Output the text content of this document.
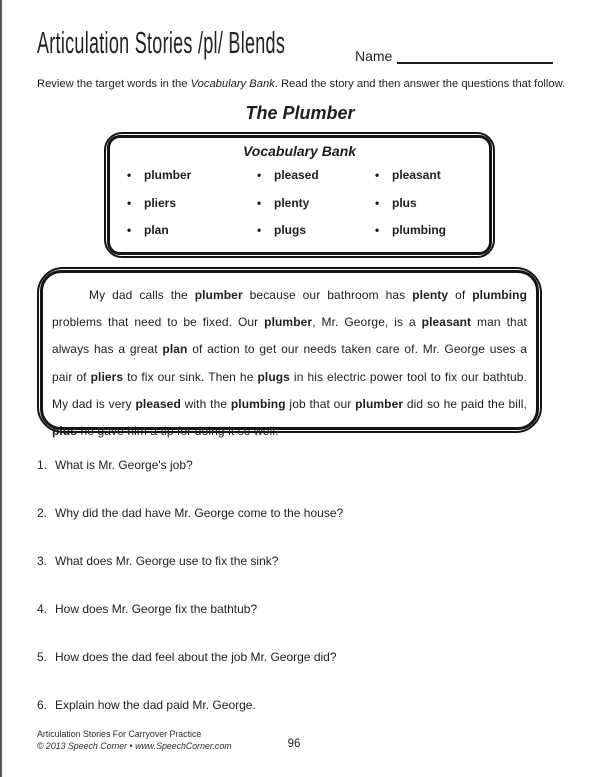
Articulation Stories /pl/ Blends	Name
Review the target words in the Vocabulary Bank. Read the story and then answer the questions that follow.
The Plumber
Vocabulary Bank
•	plumber	•	pleased	•	pleasant
•	pliers	•	plenty	•	plus
•	plan	•	plugs	•	plumbing

My dad calls the plumber because our bathroom has plenty of plumbing problems that need to be fixed. Our plumber, Mr. George, is a pleasant man that always has a great plan of action to get our needs taken care of. Mr. George uses a pair of pliers to fix our sink. Then he plugs in his electric power tool to fix our bathtub. My dad is very pleased with the plumbing job that our plumber did so he paid the bill, plus he gave him a tip for doing it so well.

1. What is Mr. George's job?
2. Why did the dad have Mr. George come to the house?
3. What does Mr. George use to fix the sink?
4. How does Mr. George fix the bathtub?
5. How does the dad feel about the job Mr. George did?
6. Explain how the dad paid Mr. George.
Articulation Stories For Carryover Practice
© 2013 Speech Corner • www.SpeechCorner.com	96
